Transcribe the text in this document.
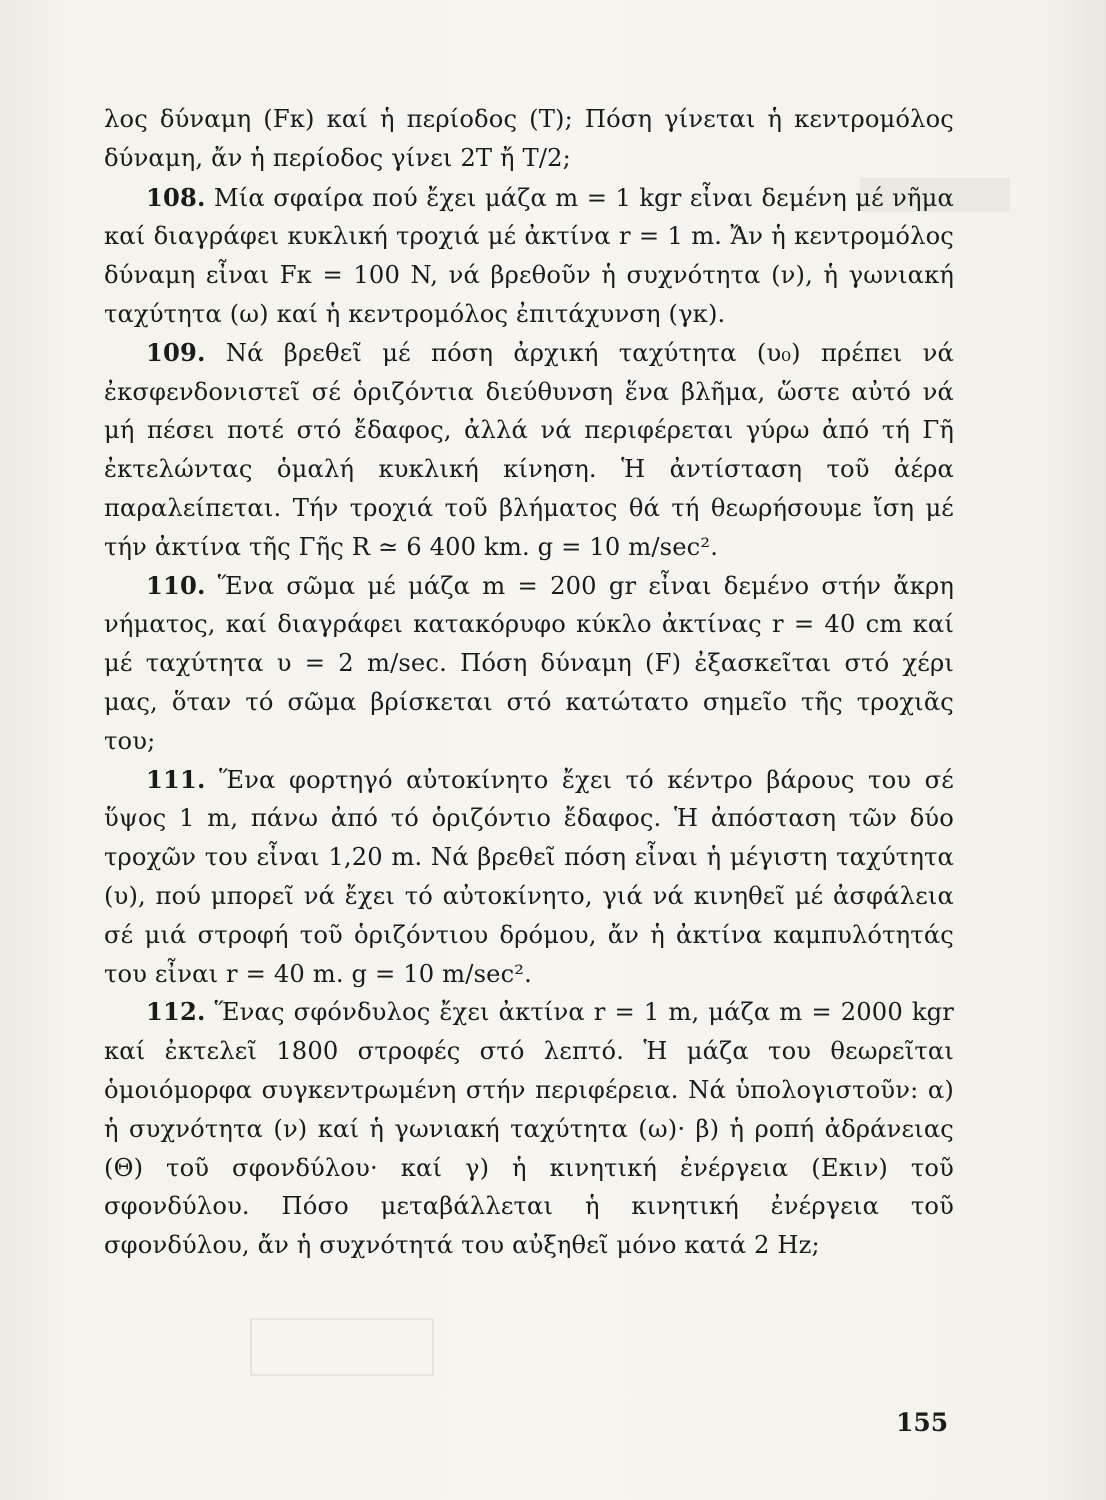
λος δύναμη (Fκ) καί ἡ περίοδος (T); Πόση γίνεται ἡ κεντρομόλος δύναμη, ἄν ἡ περίοδος γίνει 2T ἤ T/2;

108. Μία σφαίρα πού ἔχει μάζα m = 1 kgr εἶναι δεμένη μέ νῆμα καί διαγράφει κυκλική τροχιά μέ ἀκτίνα r = 1 m. Ἄν ἡ κεντρομόλος δύναμη εἶναι Fκ = 100 N, νά βρεθοῦν ἡ συχνότητα (ν), ἡ γωνιακή ταχύτητα (ω) καί ἡ κεντρομόλος ἐπιτάχυνση (γκ).

109. Νά βρεθεῖ μέ πόση ἀρχική ταχύτητα (υ₀) πρέπει νά ἐκσφενδονιστεῖ σέ ὁριζόντια διεύθυνση ἕνα βλῆμα, ὥστε αὐτό νά μή πέσει ποτέ στό ἔδαφος, ἀλλά νά περιφέρεται γύρω ἀπό τή Γῆ ἐκτελώντας ὁμαλή κυκλική κίνηση. Ἡ ἀντίσταση τοῦ ἀέρα παραλείπεται. Τήν τροχιά τοῦ βλήματος θά τή θεωρήσουμε ἴση μέ τήν ἀκτίνα τῆς Γῆς R ≃ 6 400 km. g = 10 m/sec².

110. Ἕνα σῶμα μέ μάζα m = 200 gr εἶναι δεμένο στήν ἄκρη νήματος, καί διαγράφει κατακόρυφο κύκλο ἀκτίνας r = 40 cm καί μέ ταχύτητα υ = 2 m/sec. Πόση δύναμη (F) ἐξασκεῖται στό χέρι μας, ὅταν τό σῶμα βρίσκεται στό κατώτατο σημεῖο τῆς τροχιᾶς του;

111. Ἕνα φορτηγό αὐτοκίνητο ἔχει τό κέντρο βάρους του σέ ὕψος 1 m, πάνω ἀπό τό ὁριζόντιο ἔδαφος. Ἡ ἀπόσταση τῶν δύο τροχῶν του εἶναι 1,20 m. Νά βρεθεῖ πόση εἶναι ἡ μέγιστη ταχύτητα (υ), πού μπορεῖ νά ἔχει τό αὐτοκίνητο, γιά νά κινηθεῖ μέ ἀσφάλεια σέ μιά στροφή τοῦ ὁριζόντιου δρόμου, ἄν ἡ ἀκτίνα καμπυλότητάς του εἶναι r = 40 m. g = 10 m/sec².

112. Ἕνας σφόνδυλος ἔχει ἀκτίνα r = 1 m, μάζα m = 2000 kgr καί ἐκτελεῖ 1800 στροφές στό λεπτό. Ἡ μάζα του θεωρεῖται ὁμοιόμορφα συγκεντρωμένη στήν περιφέρεια. Νά ὑπολογιστοῦν: α) ἡ συχνότητα (ν) καί ἡ γωνιακή ταχύτητα (ω)· β) ἡ ροπή ἀδράνειας (Θ) τοῦ σφονδύλου· καί γ) ἡ κινητική ἐνέργεια (Eκιν) τοῦ σφονδύλου. Πόσο μεταβάλλεται ἡ κινητική ἐνέργεια τοῦ σφονδύλου, ἄν ἡ συχνότητά του αὐξηθεῖ μόνο κατά 2 Hz;

155
